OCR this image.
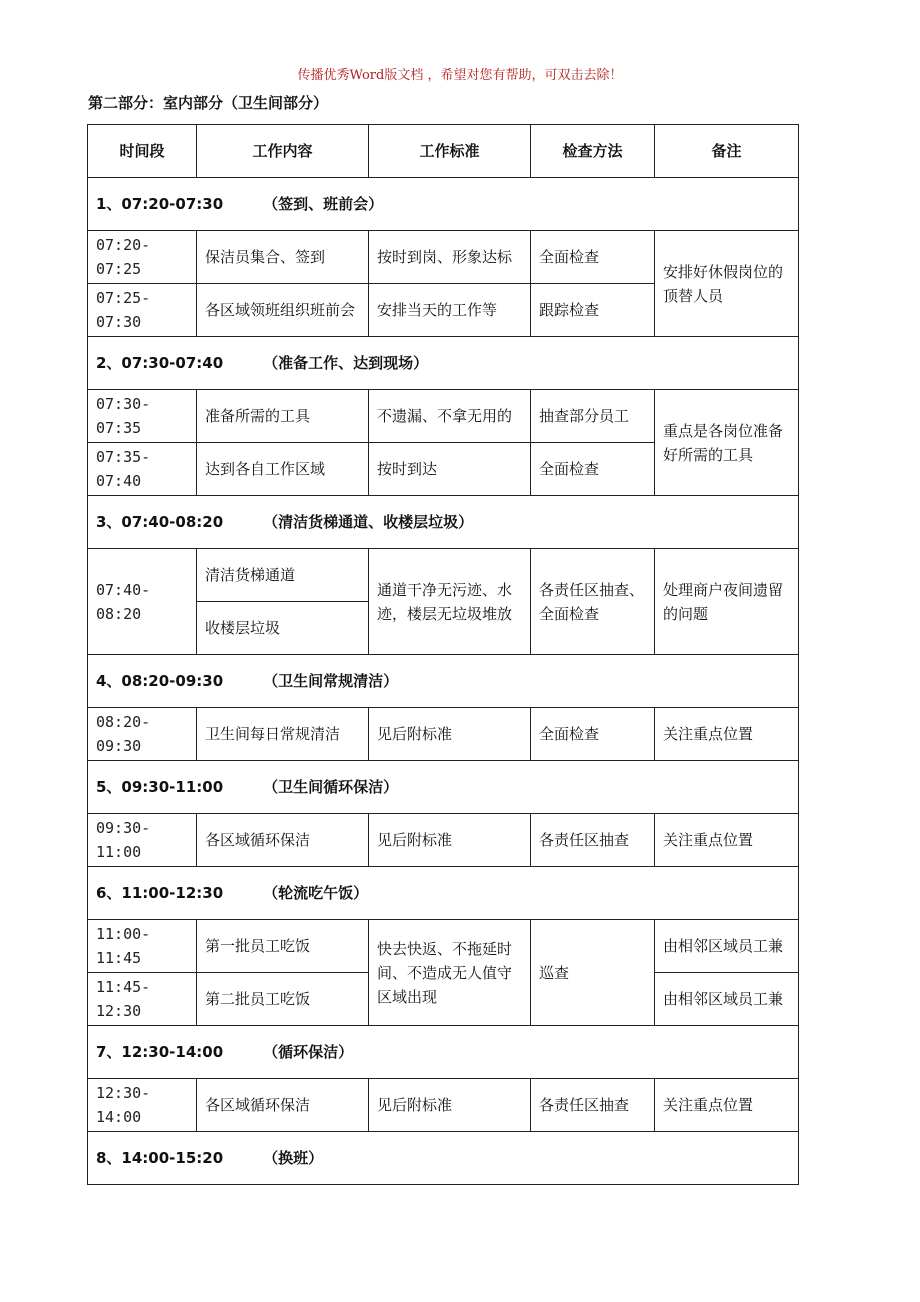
传播优秀Word版文档 ，希望对您有帮助，可双击去除！
第二部分：室内部分（卫生间部分）
时间段	工作内容	工作标准	检查方法	备注
1、07:20-07:30 （签到、班前会）				
07:20-07:25	保洁员集合、签到	按时到岗、形象达标	全面检查	安排好休假岗位的顶替人员
07:25-07:30	各区域领班组织班前会	安排当天的工作等	跟踪检查	
2、07:30-07:40 （准备工作、达到现场）				
07:30-07:35	准备所需的工具	不遗漏、不拿无用的	抽查部分员工	重点是各岗位准备好所需的工具
07:35-07:40	达到各自工作区域	按时到达	全面检查	
3、07:40-08:20 （清洁货梯通道、收楼层垃圾）				
07:40-08:20	清洁货梯通道	通道干净无污迹、水迹，楼层无垃圾堆放	各责任区抽查、全面检查	处理商户夜间遗留的问题
	收楼层垃圾			
4、08:20-09:30 （卫生间常规清洁）				
08:20-09:30	卫生间每日常规清洁	见后附标准	全面检查	关注重点位置
5、09:30-11:00 （卫生间循环保洁）				
09:30-11:00	各区域循环保洁	见后附标准	各责任区抽查	关注重点位置
6、11:00-12:30 （轮流吃午饭）				
11:00-11:45	第一批员工吃饭	快去快返、不拖延时间、不造成无人值守区域出现	巡查	由相邻区域员工兼
11:45-12:30	第二批员工吃饭			由相邻区域员工兼
7、12:30-14:00 （循环保洁）				
12:30-14:00	各区域循环保洁	见后附标准	各责任区抽查	关注重点位置
8、14:00-15:20 （换班）				
